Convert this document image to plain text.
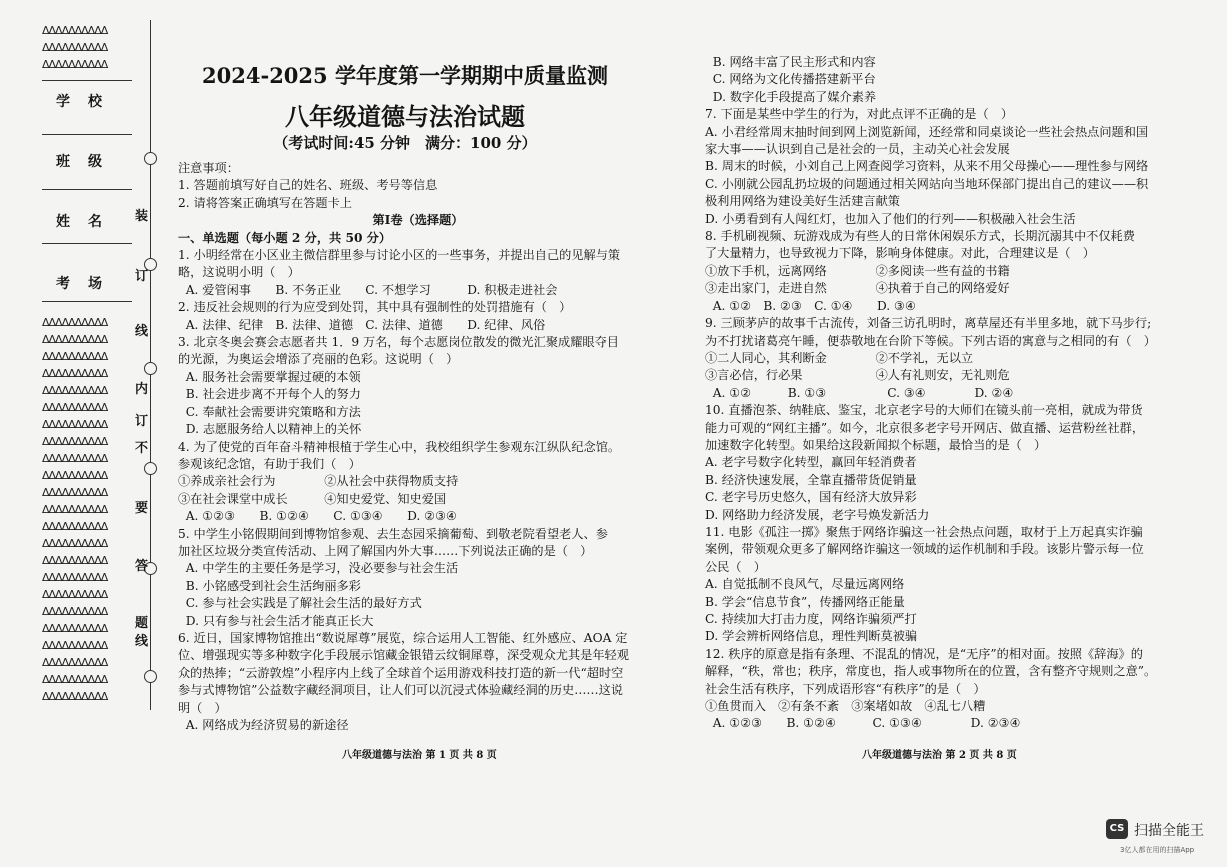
ΔΔΔΔΔΔΔΔΔΔ
ΔΔΔΔΔΔΔΔΔΔ
ΔΔΔΔΔΔΔΔΔΔ
学校
班级
姓名
考场
ΔΔΔΔΔΔΔΔΔΔ
ΔΔΔΔΔΔΔΔΔΔ
ΔΔΔΔΔΔΔΔΔΔ
ΔΔΔΔΔΔΔΔΔΔ
ΔΔΔΔΔΔΔΔΔΔ
ΔΔΔΔΔΔΔΔΔΔ
ΔΔΔΔΔΔΔΔΔΔ
ΔΔΔΔΔΔΔΔΔΔ
ΔΔΔΔΔΔΔΔΔΔ
ΔΔΔΔΔΔΔΔΔΔ
ΔΔΔΔΔΔΔΔΔΔ
ΔΔΔΔΔΔΔΔΔΔ
ΔΔΔΔΔΔΔΔΔΔ
ΔΔΔΔΔΔΔΔΔΔ
ΔΔΔΔΔΔΔΔΔΔ
ΔΔΔΔΔΔΔΔΔΔ
ΔΔΔΔΔΔΔΔΔΔ
ΔΔΔΔΔΔΔΔΔΔ
ΔΔΔΔΔΔΔΔΔΔ
ΔΔΔΔΔΔΔΔΔΔ
ΔΔΔΔΔΔΔΔΔΔ
ΔΔΔΔΔΔΔΔΔΔ
ΔΔΔΔΔΔΔΔΔΔ
装
订
线
内
订
不
要
答
题
线
2024-2025 学年度第一学期期中质量监测
八年级道德与法治试题
（考试时间:45 分钟　满分：100 分）
注意事项：
1. 答题前填写好自己的姓名、班级、考号等信息
2. 请将答案正确填写在答题卡上
第Ⅰ卷（选择题）
一、单选题（每小题 2 分，共 50 分）
1. 小明经常在小区业主微信群里参与讨论小区的一些事务，并提出自己的见解与策
略，这说明小明（　）
A. 爱管闲事　　B. 不务正业　　C. 不想学习　　　D. 积极走进社会
2. 违反社会规则的行为应受到处罚，其中具有强制性的处罚措施有（　）
A. 法律、纪律　B. 法律、道德　C. 法律、道德　　D. 纪律、风俗
3. 北京冬奥会赛会志愿者共 1．9 万名，每个志愿岗位散发的微光汇聚成耀眼夺目
的光源，为奥运会增添了亮丽的色彩。这说明（　）
A. 服务社会需要掌握过硬的本领
B. 社会进步离不开每个人的努力
C. 奉献社会需要讲究策略和方法
D. 志愿服务给人以精神上的关怀
4. 为了使党的百年奋斗精神根植于学生心中，我校组织学生参观东江纵队纪念馆。
参观该纪念馆，有助于我们（　）
①养成亲社会行为　　　　②从社会中获得物质支持
③在社会课堂中成长　　　④知史爱党、知史爱国
A. ①②③　　B. ①②④　　C. ①③④　　D. ②③④
5. 中学生小铭假期间到博物馆参观、去生态园采摘葡萄、到敬老院看望老人、参
加社区垃圾分类宣传活动、上网了解国内外大事……下列说法正确的是（　）
A. 中学生的主要任务是学习，没必要参与社会生活
B. 小铭感受到社会生活绚丽多彩
C. 参与社会实践是了解社会生活的最好方式
D. 只有参与社会生活才能真正长大
6. 近日，国家博物馆推出“数说犀尊”展览，综合运用人工智能、红外感应、AOA 定
位、增强现实等多种数字化手段展示馆藏金银错云纹铜犀尊，深受观众尤其是年轻观
众的热捧；“云游敦煌”小程序内上线了全球首个运用游戏科技打造的新一代“超时空
参与式博物馆”公益数字藏经洞项目，让人们可以沉浸式体验藏经洞的历史……这说
明（　）
A. 网络成为经济贸易的新途径
八年级道德与法治 第 1 页 共 8 页
B. 网络丰富了民主形式和内容
C. 网络为文化传播搭建新平台
D. 数字化手段提高了媒介素养
7. 下面是某些中学生的行为，对此点评不正确的是（　）
A. 小君经常周末抽时间到网上浏览新闻，还经常和同桌谈论一些社会热点问题和国
家大事——认识到自己是社会的一员，主动关心社会发展
B. 周末的时候，小刘自己上网查阅学习资料，从来不用父母操心——理性参与网络
C. 小刚就公园乱扔垃圾的问题通过相关网站向当地环保部门提出自己的建议——积
极利用网络为建设美好生活建言献策
D. 小勇看到有人闯红灯，也加入了他们的行列——积极融入社会生活
8. 手机刷视频、玩游戏成为有些人的日常休闲娱乐方式，长期沉溺其中不仅耗费
了大量精力，也导致视力下降，影响身体健康。对此，合理建议是（　）
①放下手机，远离网络　　　　②多阅读一些有益的书籍
③走出家门，走进自然　　　　④执着于自己的网络爱好
A. ①②　B. ②③　C. ①④　　D. ③④
9. 三顾茅庐的故事千古流传，刘备三访孔明时，离草屋还有半里多地，就下马步行;
为不打扰诸葛亮午睡，便恭敬地在台阶下等候。下列古语的寓意与之相同的有（　）
①二人同心，其利断金　　　　②不学礼，无以立
③言必信，行必果　　　　　　④人有礼则安，无礼则危
A. ①②　　　B. ①③　　　　　C. ③④　　　　D. ②④
10. 直播泡茶、纳鞋底、鉴宝，北京老字号的大师们在镜头前一亮相，就成为带货
能力可观的“网红主播”。如今，北京很多老字号开网店、做直播、运营粉丝社群，
加速数字化转型。如果给这段新闻拟个标题，最恰当的是（　）
A. 老字号数字化转型，赢回年轻消费者
B. 经济快速发展，全靠直播带货促销量
C. 老字号历史悠久，国有经济大放异彩
D. 网络助力经济发展，老字号焕发新活力
11. 电影《孤注一掷》聚焦于网络诈骗这一社会热点问题，取材于上万起真实诈骗
案例，带领观众更多了解网络诈骗这一领域的运作机制和手段。该影片警示每一位
公民（　）
A. 自觉抵制不良风气，尽量远离网络
B. 学会“信息节食”，传播网络正能量
C. 持续加大打击力度，网络诈骗须严打
D. 学会辨析网络信息，理性判断莫被骗
12. 秩序的原意是指有条理、不混乱的情况，是“无序”的相对面。按照《辞海》的
解释，“秩，常也；秩序，常度也，指人或事物所在的位置，含有整齐守规则之意”。
社会生活有秩序，下列成语形容“有秩序”的是（　）
①鱼贯而入　②有条不紊　③案堵如故　④乱七八糟
A. ①②③　　B. ①②④　　　C. ①③④　　　　D. ②③④
八年级道德与法治 第 2 页 共 8 页
CS 扫描全能王
3亿人都在用的扫描App
